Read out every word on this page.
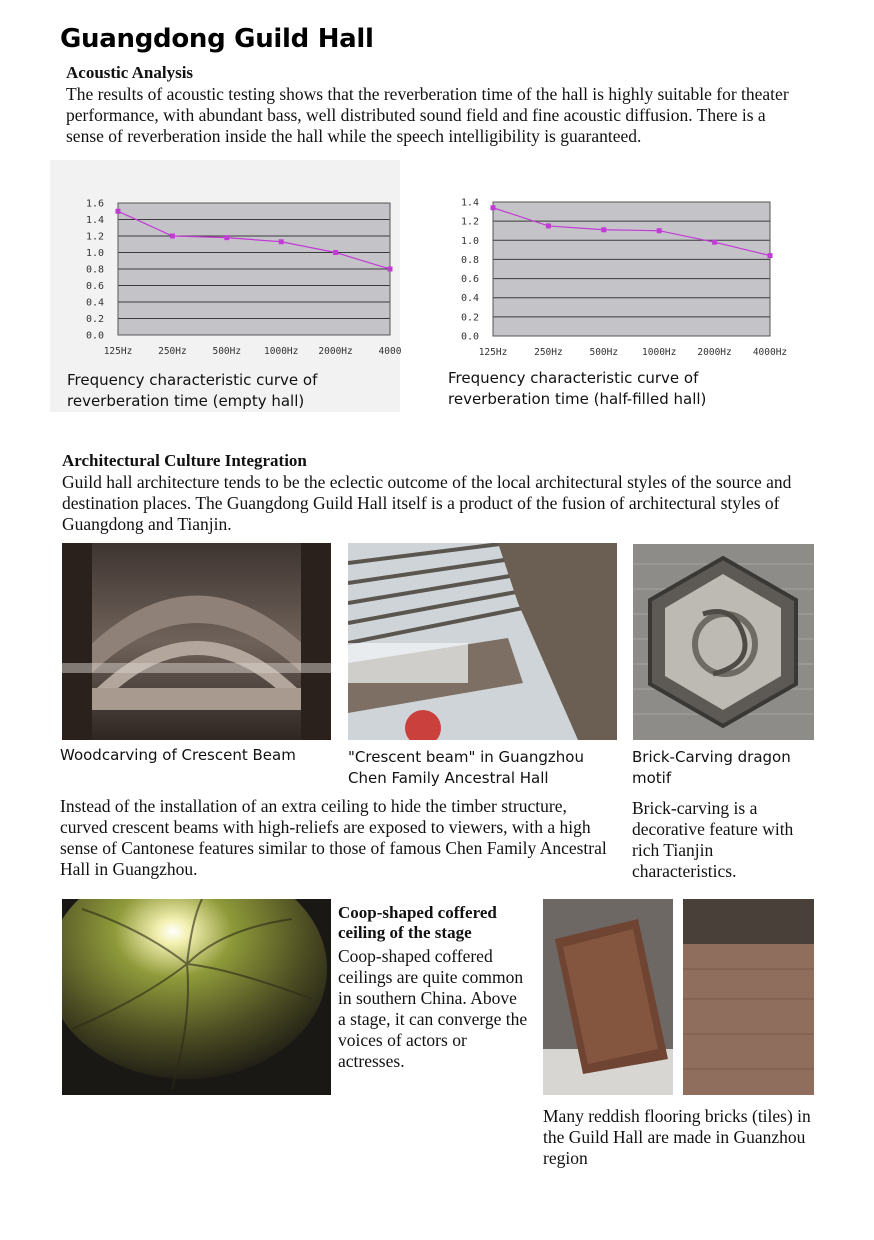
Guangdong Guild Hall
Acoustic Analysis
The results of acoustic testing shows that the reverberation time of the hall is highly suitable for theater performance, with abundant bass, well distributed sound field and fine acoustic diffusion. There is a sense of reverberation inside the hall while the speech intelligibility is guaranteed.
0.0
0.2
0.4
0.6
0.8
1.0
1.2
1.4
1.6
125Hz	250Hz	500Hz 1000Hz 2000Hz	4000
Frequency characteristic curve of reverberation time (empty hall)
0.0
0.2
0.4
0.6
0.8
1.0
1.2
1.4
125Hz	250Hz	500Hz	1000Hz 2000Hz 4000Hz
Frequency characteristic curve of reverberation time (half-filled hall)
Architectural Culture Integration
Guild hall architecture tends to be the eclectic outcome of the local architectural styles of the source and destination places. The Guangdong Guild Hall itself is a product of the fusion of architectural styles of Guangdong and Tianjin.
Woodcarving of Crescent Beam	"Crescent beam" in Guangzhou Chen Family Ancestral Hall
Brick-Carving dragon motif
Instead of the installation of an extra ceiling to hide the timber structure, curved crescent beams with high-reliefs are exposed to viewers, with a high sense of Cantonese features similar to those of famous Chen Family Ancestral Hall in Guangzhou.
Brick-carving is a decorative feature with rich Tianjin characteristics.
Coop-shaped coffered ceiling of the stage
Coop-shaped coffered ceilings are quite common in southern China. Above a stage, it can converge the voices of actors or actresses.
Many reddish flooring bricks (tiles) in the Guild Hall are made in Guanzhou region
